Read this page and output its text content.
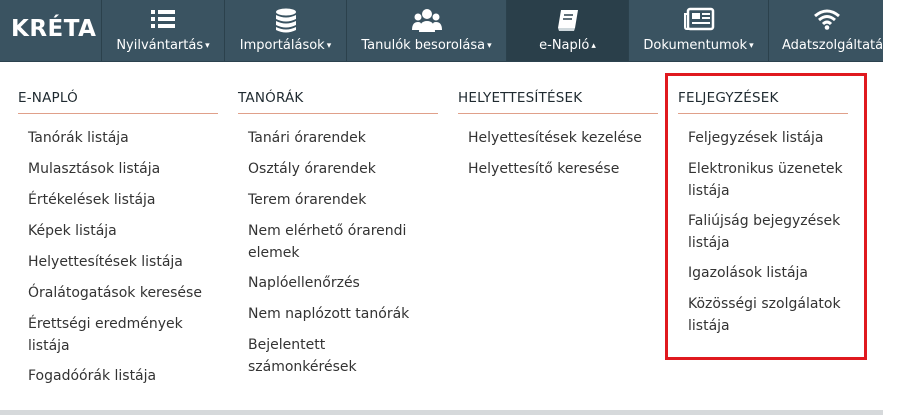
KRÉTA
Nyilvántartás ▾	Importálások ▾	Tanulók besorolása ▾	e-Napló ▴	Dokumentumok ▾	Adatszolgáltatáso
E-NAPLÓ
Tanórák listája
Mulasztások listája
Értékelések listája
Képek listája
Helyettesítések listája
Óralátogatások keresése
Érettségi eredmények
listája
Fogadóórák listája
TANÓRÁK
Tanári órarendek
Osztály órarendek
Terem órarendek
Nem elérhető órarendi
elemek
Naplóellenőrzés
Nem naplózott tanórák
Bejelentett számonkérések
HELYETTESÍTÉSEK
Helyettesítések kezelése
Helyettesítő keresése
FELJEGYZÉSEK
Feljegyzések listája
Elektronikus üzenetek
listája
Faliújság bejegyzések
listája
Igazolások listája
Közösségi szolgálatok
listája
